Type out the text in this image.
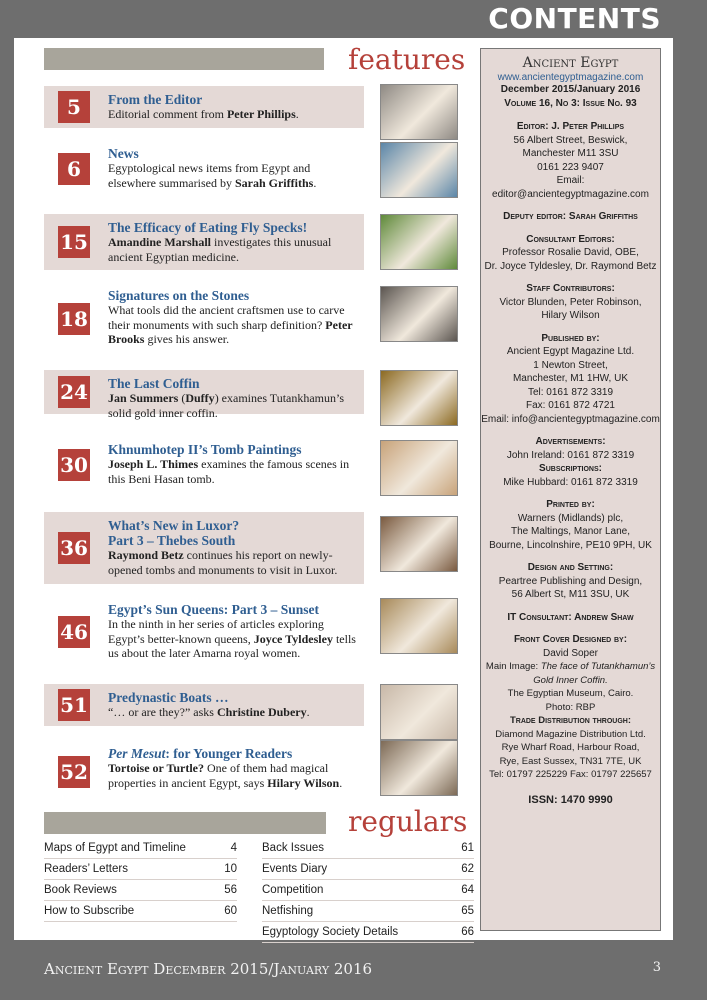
CONTENTS
features
5	From the Editor
Editorial comment from Peter Phillips.
6
News
Egyptological news items from Egypt and elsewhere summarised by Sarah Griffiths.
15
The Efficacy of Eating Fly Specks!
Amandine Marshall investigates this unusual ancient Egyptian medicine.
18
Signatures on the Stones
What tools did the ancient craftsmen use to carve their monuments with such sharp definition? Peter Brooks gives his answer.
24 The Last Coffin
Jan Summers (Duffy) examines Tutankhamun’s solid gold inner coffin.
30
Khnumhotep II’s Tomb Paintings
Joseph L. Thimes examines the famous scenes in this Beni Hasan tomb.
36
What’s New in Luxor?
Part 3 – Thebes South
Raymond Betz continues his report on newly-opened tombs and monuments to visit in Luxor.
46
Egypt’s Sun Queens: Part 3 – Sunset
In the ninth in her series of articles exploring Egypt’s better-known queens, Joyce Tyldesley tells us about the later Amarna royal women.
51 Predynastic Boats …
“… or are they?” asks Christine Dubery.
52
Per Mesut: for Younger Readers
Tortoise or Turtle? One of them had magical properties in ancient Egypt, says Hilary Wilson.
regulars
Maps of Egypt and Timeline	4
Readers’ Letters	10
Book Reviews	56
How to Subscribe	60
Back Issues	61
Events Diary	62
Competition	64
Netfishing	65
Egyptology Society Details	66
Ancient Egypt
www.ancientegyptmagazine.com
December 2015/January 2016
Volume 16, No 3: Issue No. 93
Editor: J. Peter Phillips
56 Albert Street, Beswick,
Manchester M11 3SU
0161 223 9407
Email: editor@ancientegyptmagazine.com
Deputy editor: Sarah Griffiths
Consultant Editors:
Professor Rosalie David, OBE,
Dr. Joyce Tyldesley, Dr. Raymond Betz
Staff Contributors:
Victor Blunden, Peter Robinson,
Hilary Wilson
Published by:
Ancient Egypt Magazine Ltd.
1 Newton Street,
Manchester, M1 1HW, UK
Tel: 0161 872 3319
Fax: 0161 872 4721
Email: info@ancientegyptmagazine.com
Advertisements:
John Ireland: 0161 872 3319
Subscriptions:
Mike Hubbard: 0161 872 3319
Printed by:
Warners (Midlands) plc,
The Maltings, Manor Lane,
Bourne, Lincolnshire, PE10 9PH, UK
Design and Setting:
Peartree Publishing and Design,
56 Albert St, M11 3SU, UK
IT Consultant: Andrew Shaw
Front Cover Designed by:
David Soper
Main Image: The face of Tutankhamun’s
Gold Inner Coffin.
The Egyptian Museum, Cairo.
Photo: RBP
Trade Distribution through:
Diamond Magazine Distribution Ltd.
Rye Wharf Road, Harbour Road,
Rye, East Sussex, TN31 7TE, UK
Tel: 01797 225229 Fax: 01797 225657
ISSN: 1470 9990
Ancient Egypt December 2015/January 2016	3
